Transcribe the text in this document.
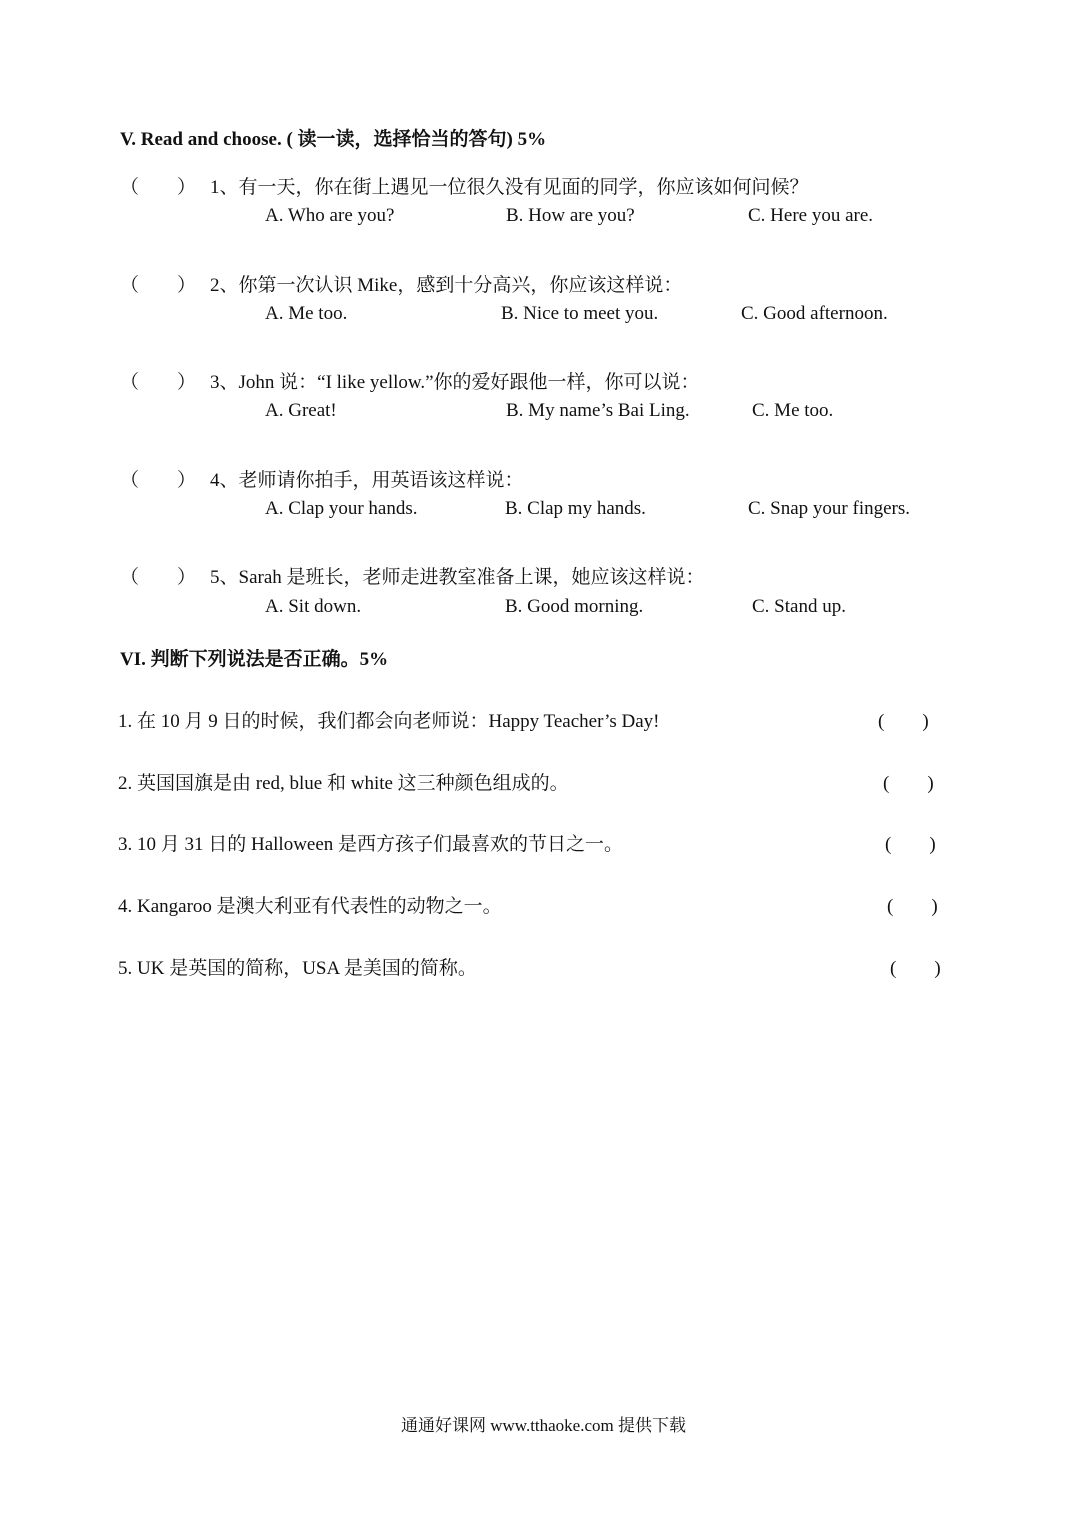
V. Read and choose. ( 读一读，选择恰当的答句) 5%
（　　） 1、有一天，你在街上遇见一位很久没有见面的同学，你应该如何问候？
A. Who are you?	B. How are you?	C. Here you are.
（　　） 2、你第一次认识 Mike，感到十分高兴，你应该这样说：
A. Me too.	B. Nice to meet you.	C. Good afternoon.
（　　） 3、John 说：“I like yellow.”你的爱好跟他一样，你可以说：
A. Great!	B. My name’s Bai Ling.	C. Me too.
（　　） 4、老师请你拍手，用英语该这样说：
A. Clap your hands.	B. Clap my hands.	C. Snap your fingers.
（　　） 5、Sarah 是班长，老师走进教室准备上课，她应该这样说：
A. Sit down.	B. Good morning.	C. Stand up.
VI. 判断下列说法是否正确。5%
1. 在 10 月 9 日的时候，我们都会向老师说：Happy Teacher’s Day!	(　　)
2. 英国国旗是由 red, blue 和 white 这三种颜色组成的。	(　　)
3. 10 月 31 日的 Halloween 是西方孩子们最喜欢的节日之一。	(　　)
4. Kangaroo 是澳大利亚有代表性的动物之一。	(　　)
5. UK 是英国的简称，USA 是美国的简称。	(　　)
通通好课网 www.tthaoke.com 提供下载
